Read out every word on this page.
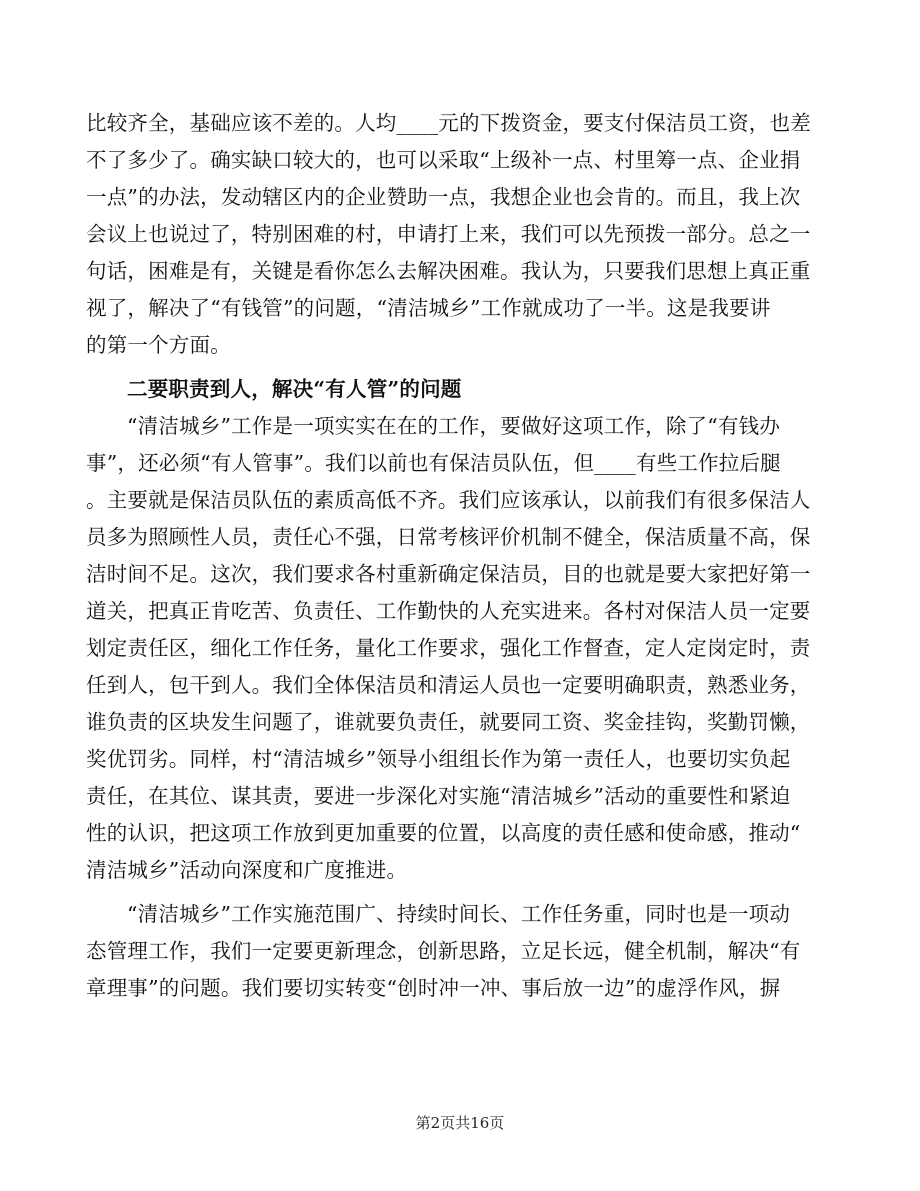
比较齐全，基础应该不差的。人均____元的下拨资金，要支付保洁员工资，也差
不了多少了。确实缺口较大的，也可以采取“上级补一点、村里筹一点、企业捐
一点”的办法，发动辖区内的企业赞助一点，我想企业也会肯的。而且，我上次
会议上也说过了，特别困难的村，申请打上来，我们可以先预拨一部分。总之一
句话，困难是有，关键是看你怎么去解决困难。我认为，只要我们思想上真正重
视了，解决了“有钱管”的问题，“清洁城乡”工作就成功了一半。这是我要讲
的第一个方面。
二要职责到人，解决“有人管”的问题
“清洁城乡”工作是一项实实在在的工作，要做好这项工作，除了“有钱办
事”，还必须“有人管事”。我们以前也有保洁员队伍，但____有些工作拉后腿
。主要就是保洁员队伍的素质高低不齐。我们应该承认，以前我们有很多保洁人
员多为照顾性人员，责任心不强，日常考核评价机制不健全，保洁质量不高，保
洁时间不足。这次，我们要求各村重新确定保洁员，目的也就是要大家把好第一
道关，把真正肯吃苦、负责任、工作勤快的人充实进来。各村对保洁人员一定要
划定责任区，细化工作任务，量化工作要求，强化工作督查，定人定岗定时，责
任到人，包干到人。我们全体保洁员和清运人员也一定要明确职责，熟悉业务，
谁负责的区块发生问题了，谁就要负责任，就要同工资、奖金挂钩，奖勤罚懒，
奖优罚劣。同样，村“清洁城乡”领导小组组长作为第一责任人，也要切实负起
责任，在其位、谋其责，要进一步深化对实施“清洁城乡”活动的重要性和紧迫
性的认识，把这项工作放到更加重要的位置，以高度的责任感和使命感，推动“
清洁城乡”活动向深度和广度推进。
“清洁城乡”工作实施范围广、持续时间长、工作任务重，同时也是一项动
态管理工作，我们一定要更新理念，创新思路，立足长远，健全机制，解决“有
章理事”的问题。我们要切实转变“创时冲一冲、事后放一边”的虚浮作风，摒
第2页共16页
